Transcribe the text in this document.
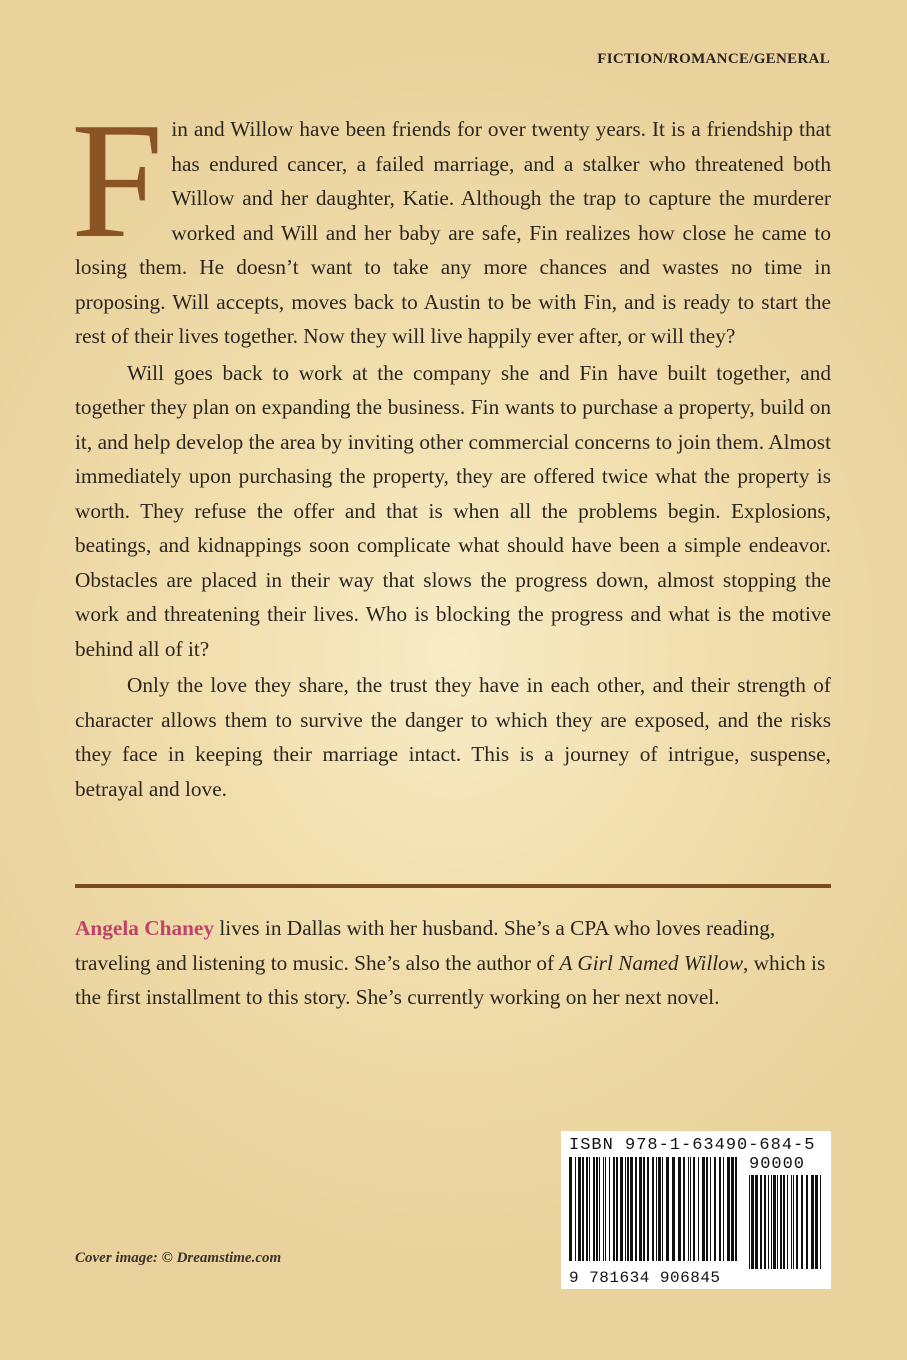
FICTION/ROMANCE/GENERAL

Fin and Willow have been friends for over twenty years. It is a friendship that has endured cancer, a failed marriage, and a stalker who threatened both Willow and her daughter, Katie. Although the trap to capture the murderer worked and Will and her baby are safe, Fin realizes how close he came to losing them. He doesn’t want to take any more chances and wastes no time in proposing. Will accepts, moves back to Austin to be with Fin, and is ready to start the rest of their lives together. Now they will live happily ever after, or will they?

Will goes back to work at the company she and Fin have built together, and together they plan on expanding the business. Fin wants to purchase a property, build on it, and help develop the area by inviting other commercial concerns to join them. Almost immediately upon purchasing the property, they are offered twice what the property is worth. They refuse the offer and that is when all the problems begin. Explosions, beatings, and kidnappings soon complicate what should have been a simple endeavor. Obstacles are placed in their way that slows the progress down, almost stopping the work and threatening their lives. Who is blocking the progress and what is the motive behind all of it?

Only the love they share, the trust they have in each other, and their strength of character allows them to survive the danger to which they are exposed, and the risks they face in keeping their marriage intact. This is a journey of intrigue, suspense, betrayal and love.

Angela Chaney lives in Dallas with her husband. She’s a CPA who loves reading, traveling and listening to music. She’s also the author of A Girl Named Willow, which is the first installment to this story. She’s currently working on her next novel.
Cover image: © Dreamstime.com
ISBN 978-1-63490-684-5
90000
9 781634 906845
